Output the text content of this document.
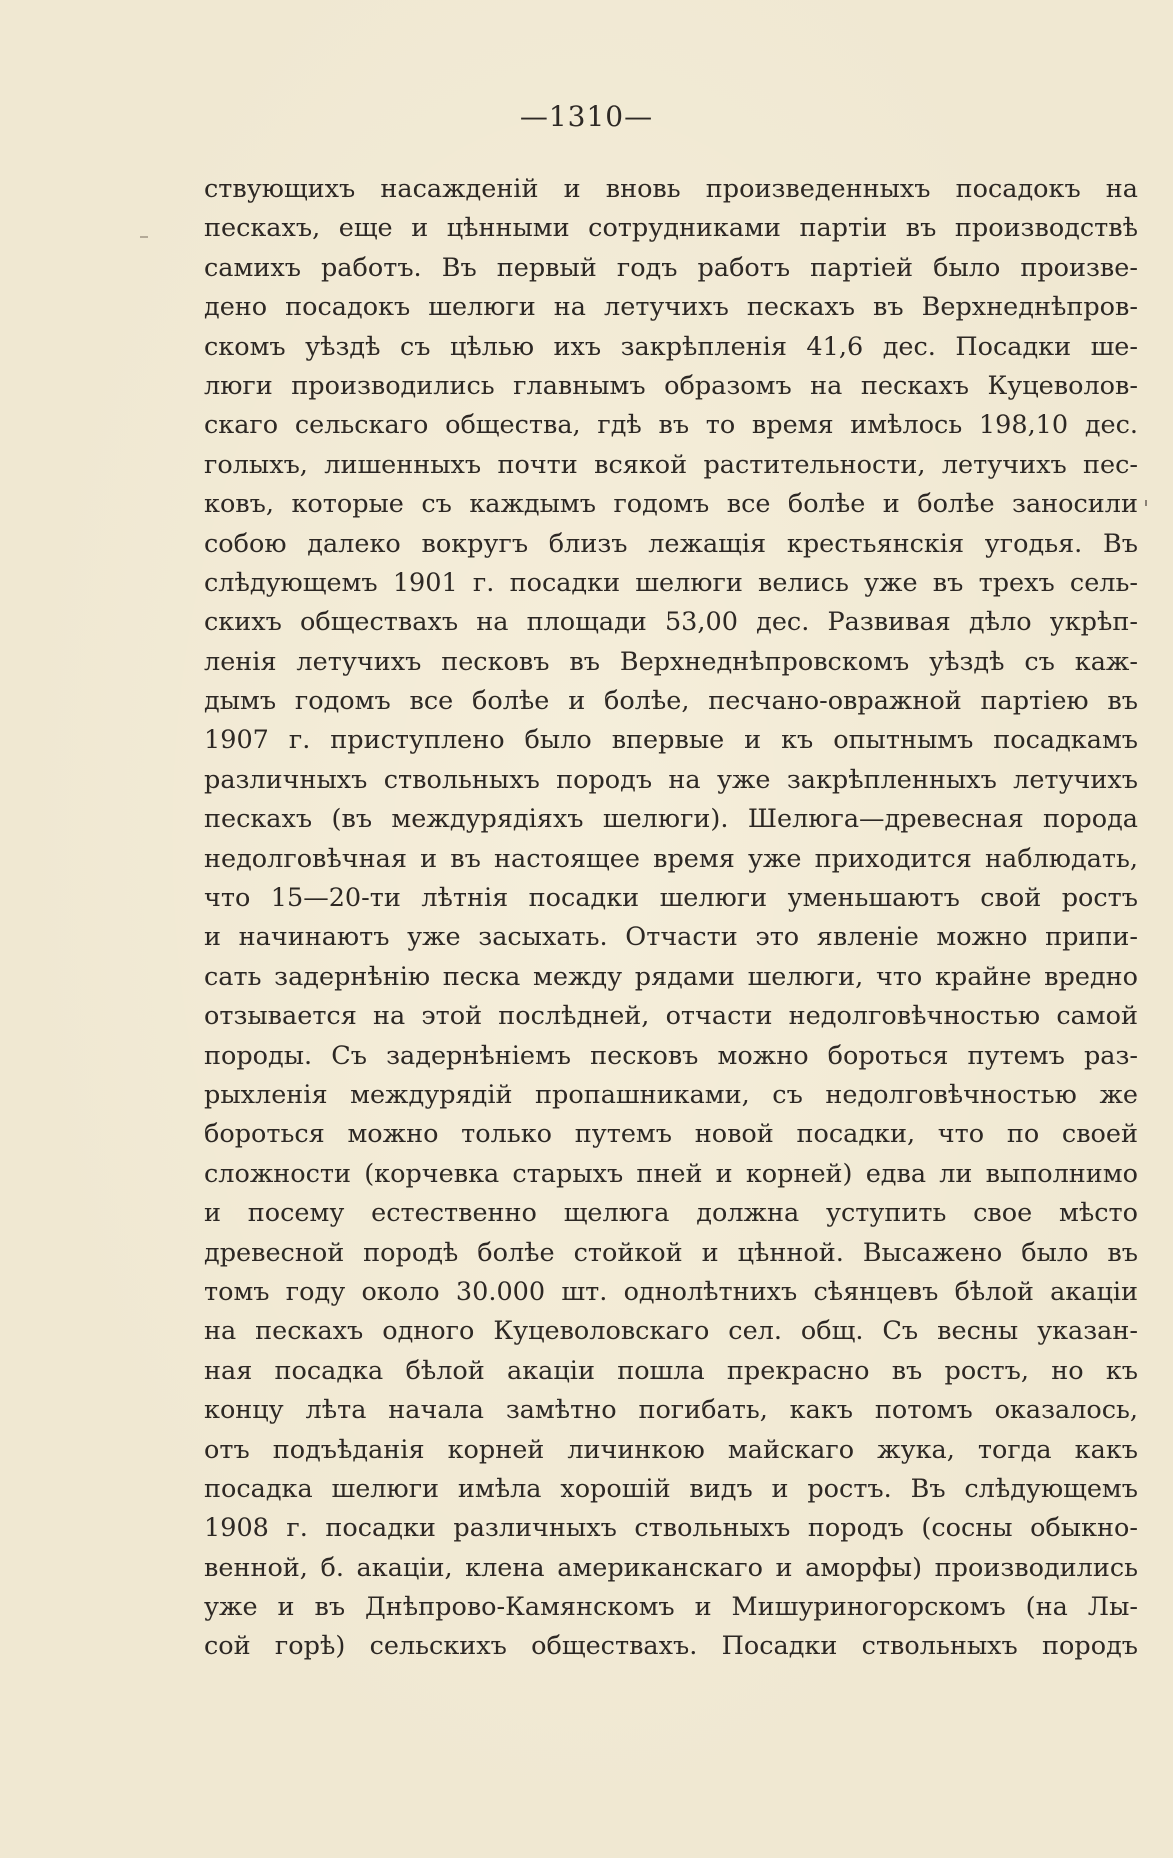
—1310—
ствующихъ насажденій и вновь произведенныхъ посадокъ на
пескахъ, еще и цѣнными сотрудниками партіи въ производствѣ
самихъ работъ. Въ первый годъ работъ партіей было произве-
дено посадокъ шелюги на летучихъ пескахъ въ Верхнеднѣпров-
скомъ уѣздѣ съ цѣлью ихъ закрѣпленія 41,6 дес. Посадки ше-
люги производились главнымъ образомъ на пескахъ Куцеволов-
скаго сельскаго общества, гдѣ въ то время имѣлось 198,10 дес.
голыхъ, лишенныхъ почти всякой растительности, летучихъ пес-
ковъ, которые съ каждымъ годомъ все болѣе и болѣе заносили
собою далеко вокругъ близъ лежащія крестьянскія угодья. Въ
слѣдующемъ 1901 г. посадки шелюги велись уже въ трехъ сель-
скихъ обществахъ на площади 53,00 дес. Развивая дѣло укрѣп-
ленія летучихъ песковъ въ Верхнеднѣпровскомъ уѣздѣ съ каж-
дымъ годомъ все болѣе и болѣе, песчано-овражной партіею въ
1907 г. приступлено было впервые и къ опытнымъ посадкамъ
различныхъ ствольныхъ породъ на уже закрѣпленныхъ летучихъ
пескахъ (въ междурядіяхъ шелюги). Шелюга—древесная порода
недолговѣчная и въ настоящее время уже приходится наблюдать,
что 15—20-ти лѣтнія посадки шелюги уменьшаютъ свой ростъ
и начинаютъ уже засыхать. Отчасти это явленіе можно припи-
сать задернѣнію песка между рядами шелюги, что крайне вредно
отзывается на этой послѣдней, отчасти недолговѣчностью самой
породы. Съ задернѣніемъ песковъ можно бороться путемъ раз-
рыхленія междурядій пропашниками, съ недолговѣчностью же
бороться можно только путемъ новой посадки, что по своей
сложности (корчевка старыхъ пней и корней) едва ли выполнимо
и посему естественно щелюга должна уступить свое мѣсто
древесной породѣ болѣе стойкой и цѣнной. Высажено было въ
томъ году около 30.000 шт. однолѣтнихъ сѣянцевъ бѣлой акаціи
на пескахъ одного Куцеволовскаго сел. общ. Съ весны указан-
ная посадка бѣлой акаціи пошла прекрасно въ ростъ, но къ
концу лѣта начала замѣтно погибать, какъ потомъ оказалось,
отъ подъѣданія корней личинкою майскаго жука, тогда какъ
посадка шелюги имѣла хорошій видъ и ростъ. Въ слѣдующемъ
1908 г. посадки различныхъ ствольныхъ породъ (сосны обыкно-
венной, б. акаціи, клена американскаго и аморфы) производились
уже и въ Днѣпрово-Камянскомъ и Мишуриногорскомъ (на Лы-
сой горѣ) сельскихъ обществахъ. Посадки ствольныхъ породъ
